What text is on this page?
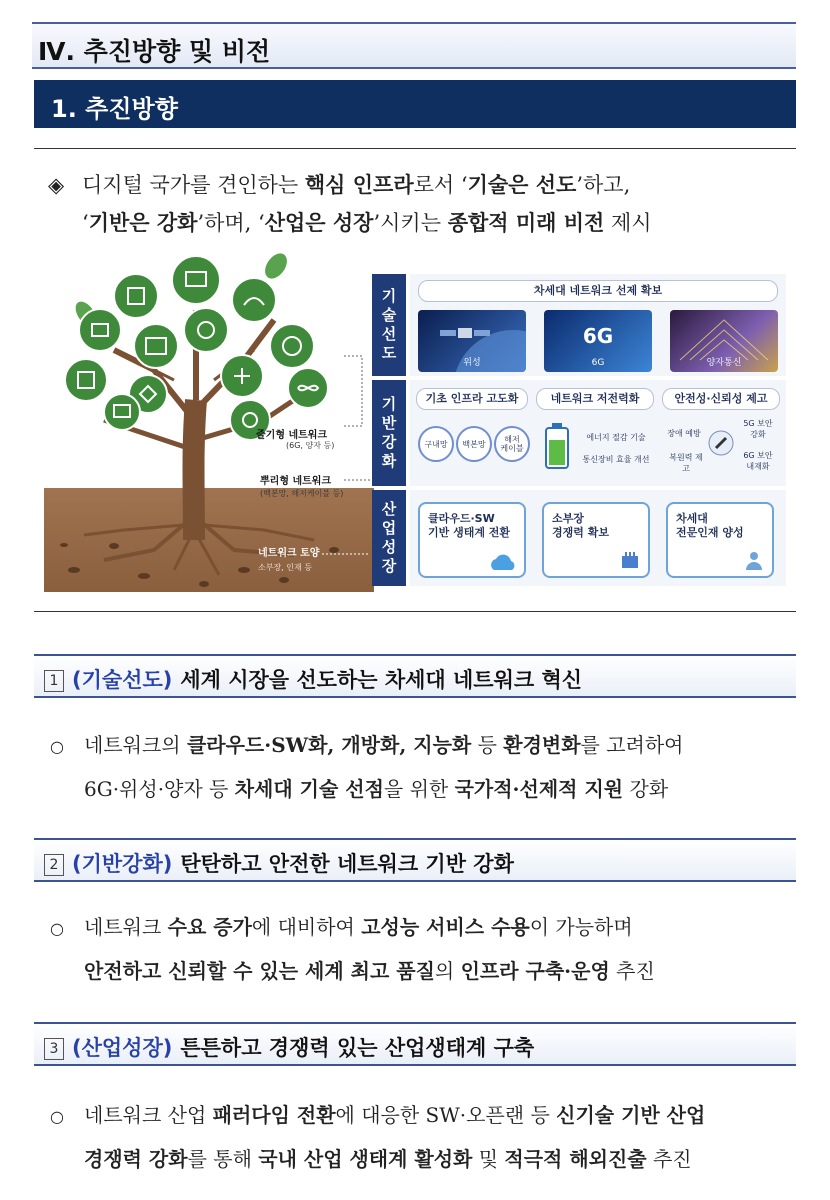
Ⅳ. 추진방향 및 비전
1. 추진방향
◈ 디지털 국가를 견인하는 핵심 인프라로서 ‘기술은 선도’하고,
‘기반은 강화’하며, ‘산업은 성장’시키는 종합적 미래 비전 제시
줄기형 네트워크
(6G, 양자 등)
뿌리형 네트워크
(백본망, 해저케이블 등)
네트워크 토양
소부장, 인재 등
기
술
선
도
차세대 네트워크 선제 확보
위성
6G
6G	양자통신
기
반
강
화
기초 인프라 고도화
구내망	백본망	해저
케이블
네트워크 저전력화
에너지 절감 기술
통신장비 효율 개선
안전성·신뢰성 제고
장애 예방
복원력 제고
5G 보안
강화
6G 보안
내재화
산
업
성
장
클라우드·SW
기반 생태계 전환
소부장
경쟁력 확보
차세대
전문인재 양성
1 (기술선도) 세계 시장을 선도하는 차세대 네트워크 혁신
○ 네트워크의 클라우드·SW화, 개방화, 지능화 등 환경변화를 고려하여
6G·위성·양자 등 차세대 기술 선점을 위한 국가적·선제적 지원 강화
2 (기반강화) 탄탄하고 안전한 네트워크 기반 강화
○ 네트워크 수요 증가에 대비하여 고성능 서비스 수용이 가능하며
안전하고 신뢰할 수 있는 세계 최고 품질의 인프라 구축·운영 추진
3 (산업성장) 튼튼하고 경쟁력 있는 산업생태계 구축
○ 네트워크 산업 패러다임 전환에 대응한 SW·오픈랜 등 신기술 기반 산업
경쟁력 강화를 통해 국내 산업 생태계 활성화 및 적극적 해외진출 추진
